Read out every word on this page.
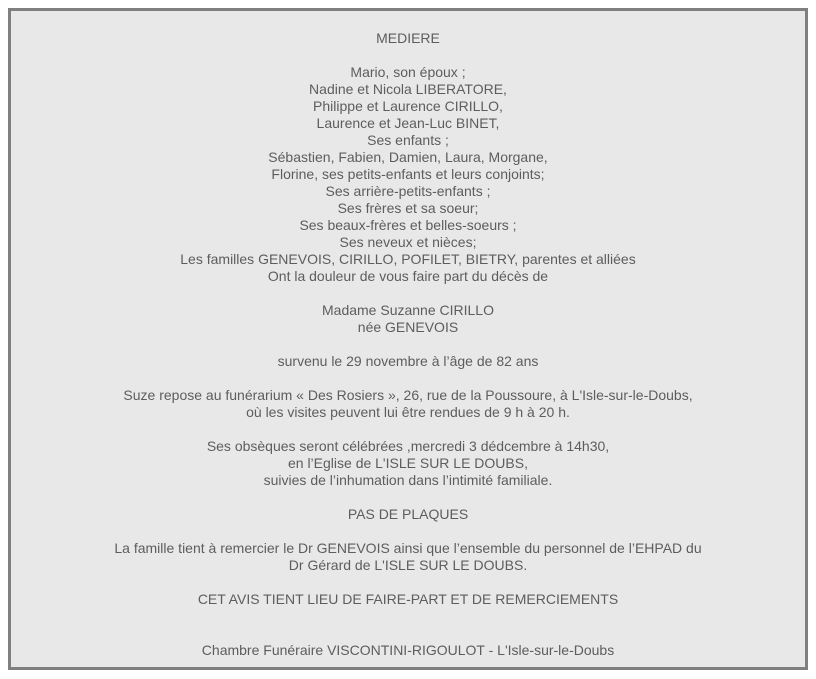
MEDIERE
Mario, son époux ;
Nadine et Nicola LIBERATORE,
Philippe et Laurence CIRILLO,
Laurence et Jean-Luc BINET,
Ses enfants ;
Sébastien, Fabien, Damien, Laura, Morgane,
Florine, ses petits-enfants et leurs conjoints;
Ses arrière-petits-enfants ;
Ses frères et sa soeur;
Ses beaux-frères et belles-soeurs ;
Ses neveux et nièces;
Les familles GENEVOIS, CIRILLO, POFILET, BIETRY, parentes et alliées
Ont la douleur de vous faire part du décès de
Madame Suzanne CIRILLO
née GENEVOIS
survenu le 29 novembre à l’âge de 82 ans
Suze repose au funérarium « Des Rosiers », 26, rue de la Poussoure, à L'Isle-sur-le-Doubs,
où les visites peuvent lui être rendues de 9 h à 20 h.
Ses obsèques seront célébrées ,mercredi 3 dédcembre à 14h30,
en l’Eglise de L'ISLE SUR LE DOUBS,
suivies de l’inhumation dans l’intimité familiale.
PAS DE PLAQUES
La famille tient à remercier le Dr GENEVOIS ainsi que l’ensemble du personnel de l’EHPAD du
Dr Gérard de L'ISLE SUR LE DOUBS.
CET AVIS TIENT LIEU DE FAIRE-PART ET DE REMERCIEMENTS
Chambre Funéraire VISCONTINI-RIGOULOT - L'Isle-sur-le-Doubs
